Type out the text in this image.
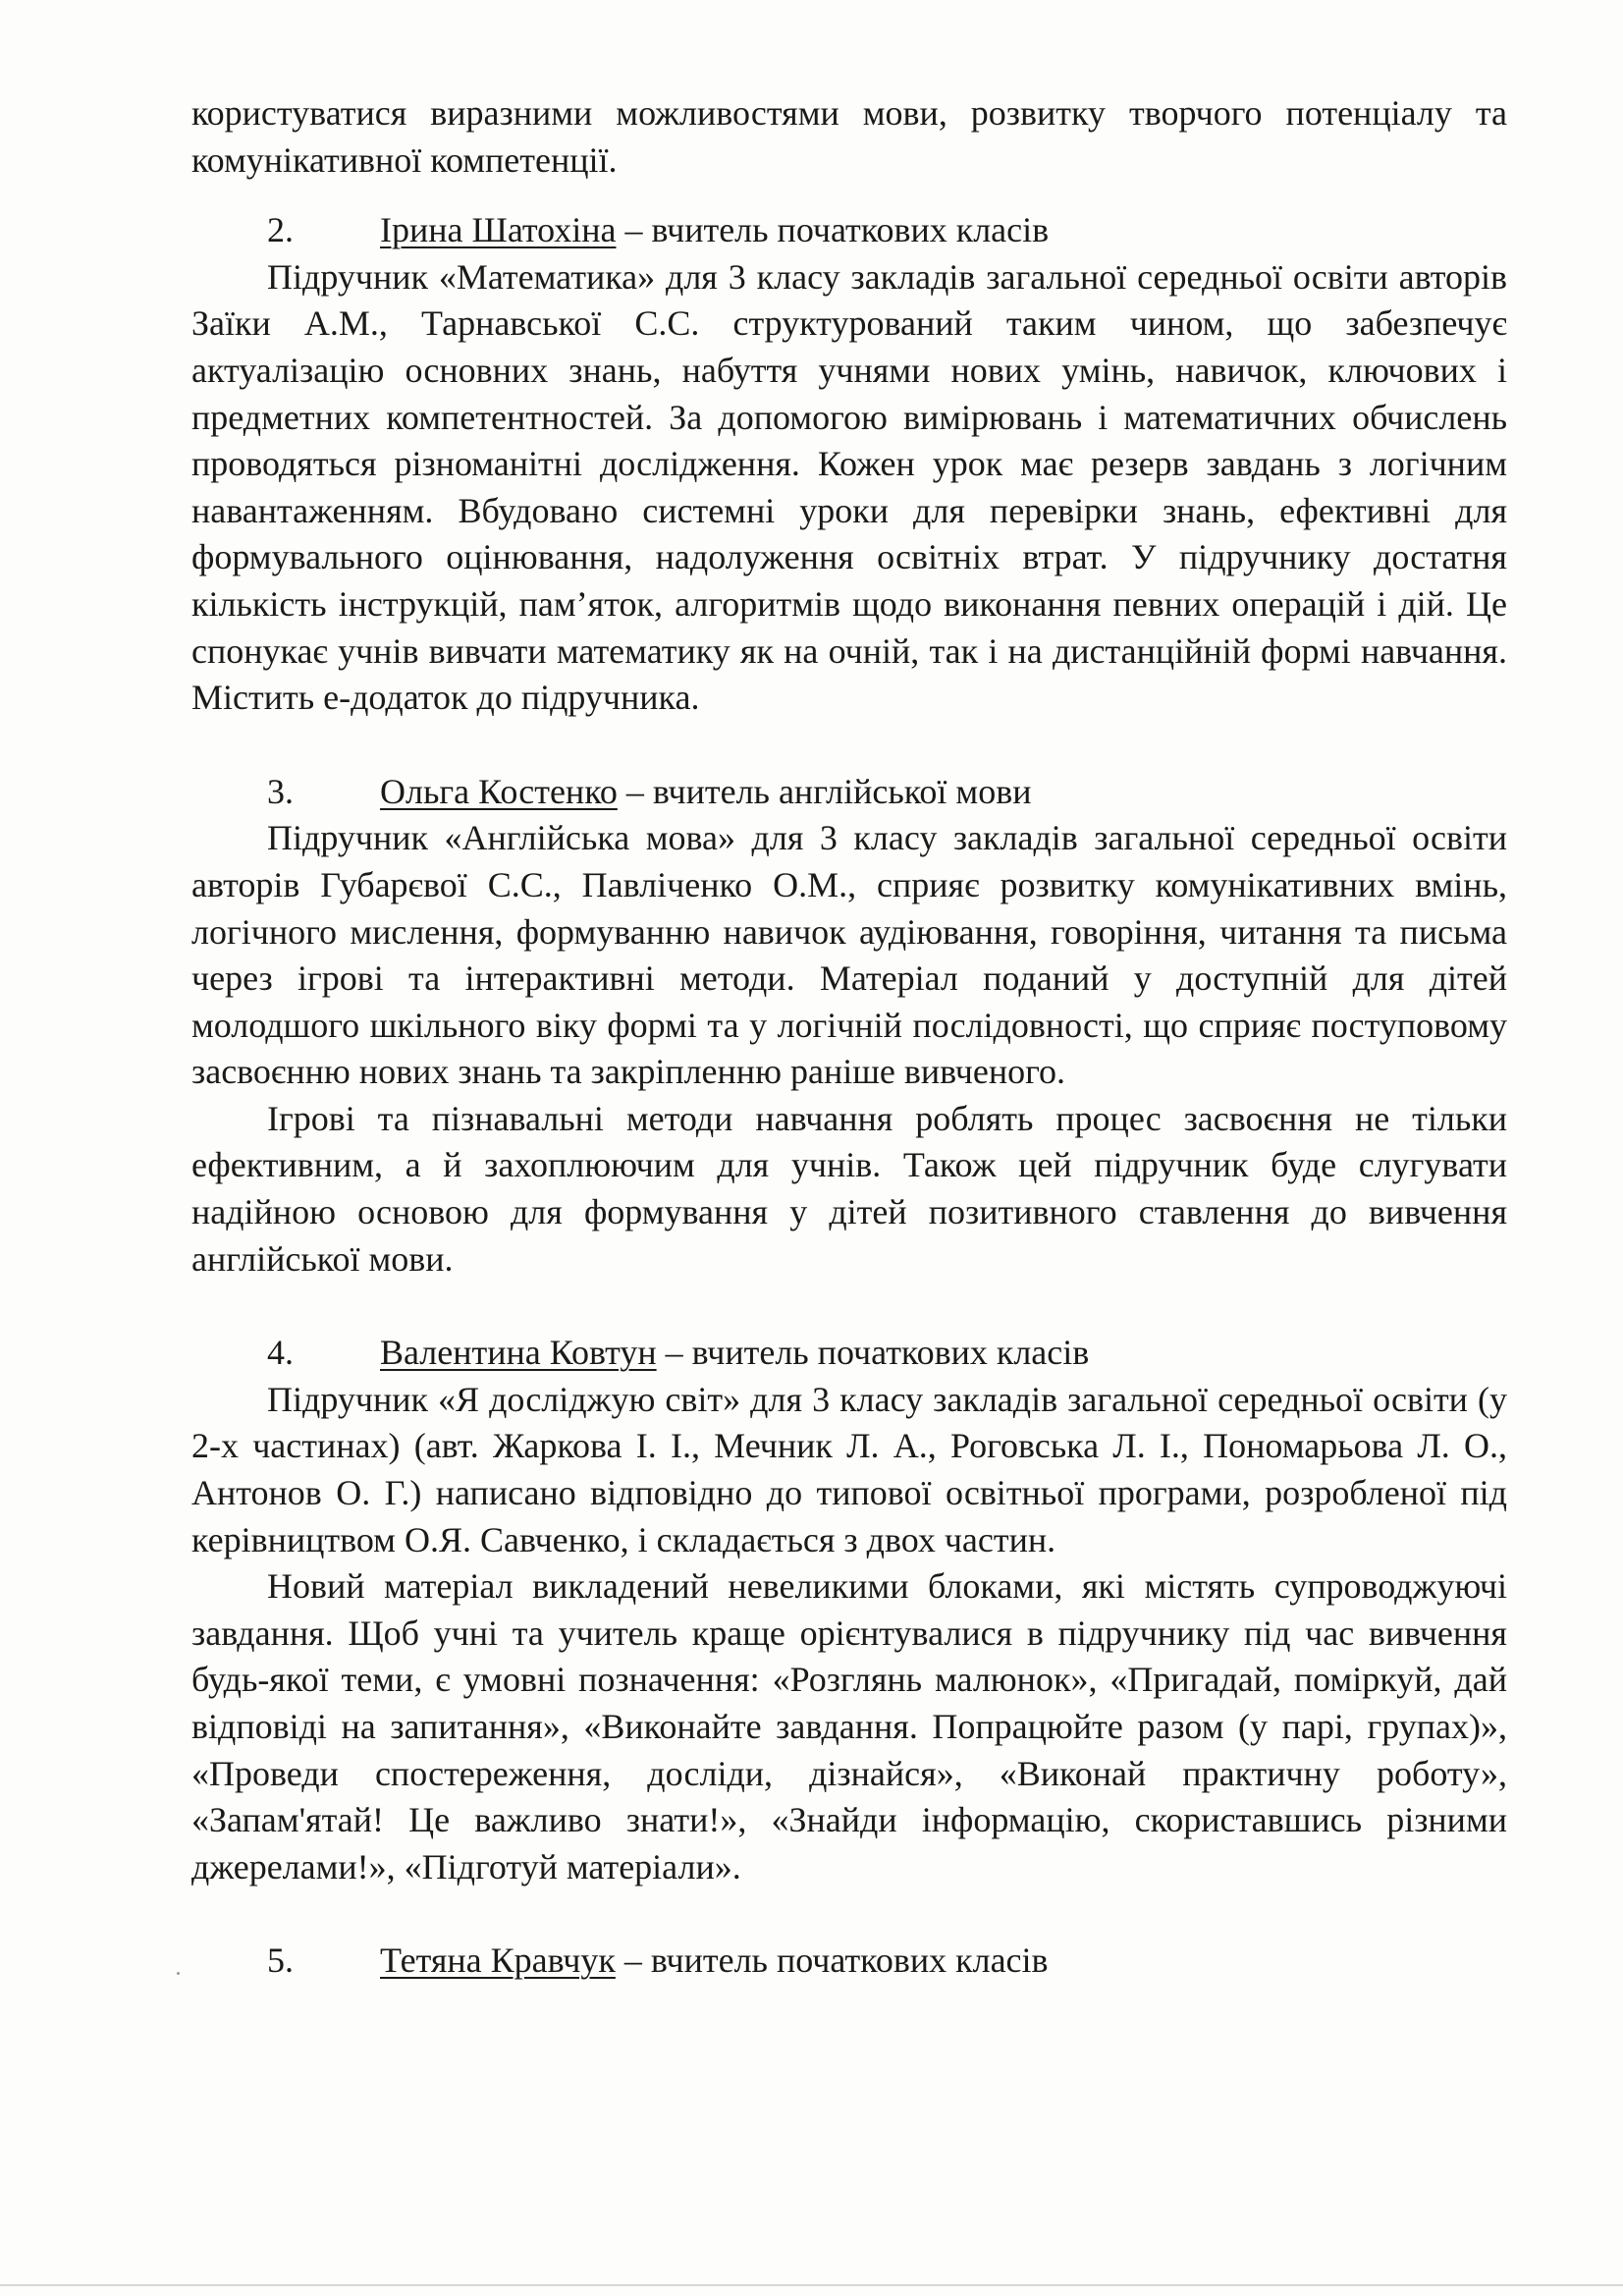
користуватися виразними можливостями мови, розвитку творчого потенціалу та комунікативної компетенції.

2. Ірина Шатохіна – вчитель початкових класів

Підручник «Математика» для 3 класу закладів загальної середньої освіти авторів Заїки А.М., Тарнавської С.С. структурований таким чином, що забезпечує актуалізацію основних знань, набуття учнями нових умінь, навичок, ключових і предметних компетентностей. За допомогою вимірювань і математичних обчислень проводяться різноманітні дослідження. Кожен урок має резерв завдань з логічним навантаженням. Вбудовано системні уроки для перевірки знань, ефективні для формувального оцінювання, надолуження освітніх втрат. У підручнику достатня кількість інструкцій, пам’яток, алгоритмів щодо виконання певних операцій і дій. Це спонукає учнів вивчати математику як на очній, так і на дистанційній формі навчання. Містить е-додаток до підручника.

3. Ольга Костенко – вчитель англійської мови

Підручник «Англійська мова» для 3 класу закладів загальної середньої освіти авторів Губарєвої С.С., Павліченко О.М., сприяє розвитку комунікативних вмінь, логічного мислення, формуванню навичок аудіювання, говоріння, читання та письма через ігрові та інтерактивні методи. Матеріал поданий у доступній для дітей молодшого шкільного віку формі та у логічній послідовності, що сприяє поступовому засвоєнню нових знань та закріпленню раніше вивченого.

Ігрові та пізнавальні методи навчання роблять процес засвоєння не тільки ефективним, а й захоплюючим для учнів. Також цей підручник буде слугувати надійною основою для формування у дітей позитивного ставлення до вивчення англійської мови.

4. Валентина Ковтун – вчитель початкових класів

Підручник «Я досліджую світ» для 3 класу закладів загальної середньої освіти (у 2-х частинах) (авт. Жаркова І. І., Мечник Л. А., Роговська Л. І., Пономарьова Л. О., Антонов О. Г.) написано відповідно до типової освітньої програми, розробленої під керівництвом О.Я. Савченко, і складається з двох частин.

Новий матеріал викладений невеликими блоками, які містять супроводжуючі завдання. Щоб учні та учитель краще орієнтувалися в підручнику під час вивчення будь-якої теми, є умовні позначення: «Розглянь малюнок», «Пригадай, поміркуй, дай відповіді на запитання», «Виконайте завдання. Попрацюйте разом (у парі, групах)», «Проведи спостереження, досліди, дізнайся», «Виконай практичну роботу», «Запам'ятай! Це важливо знати!», «Знайди інформацію, скориставшись різними джерелами!», «Підготуй матеріали».

5. Тетяна Кравчук – вчитель початкових класів
